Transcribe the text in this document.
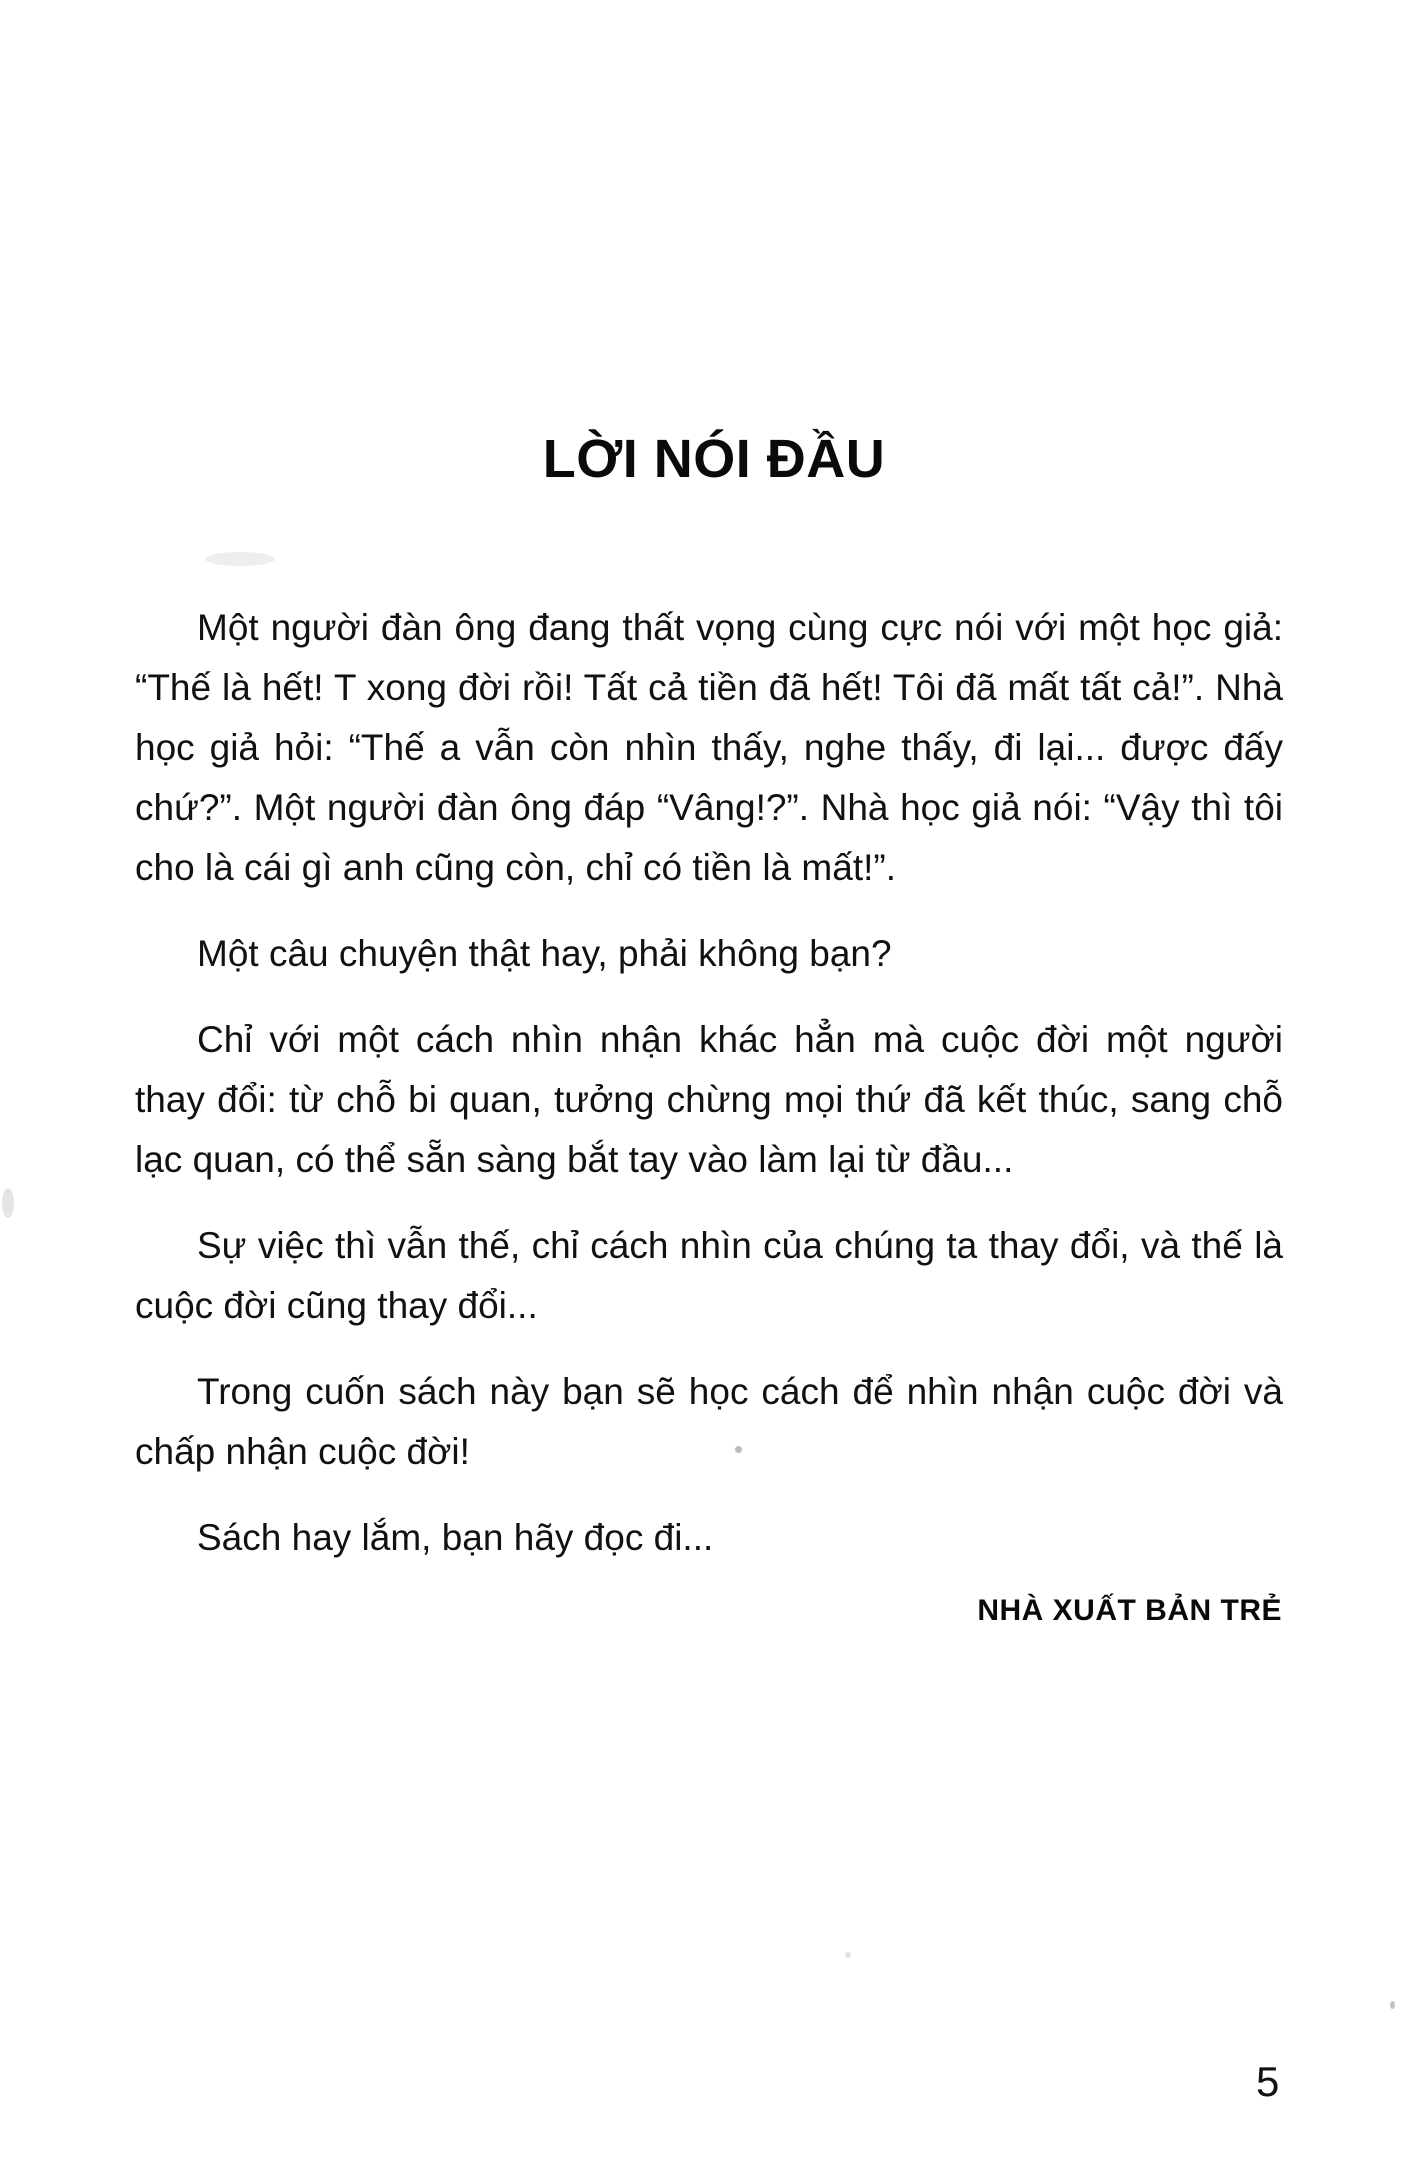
LỜI NÓI ĐẦU

Một người đàn ông đang thất vọng cùng cực nói với một học giả: “Thế là hết! T xong đời rồi! Tất cả tiền đã hết! Tôi đã mất tất cả!”. Nhà học giả hỏi: “Thế a vẫn còn nhìn thấy, nghe thấy, đi lại... được đấy chứ?”. Một người đàn ông đáp “Vâng!?”. Nhà học giả nói: “Vậy thì tôi cho là cái gì anh cũng còn, chỉ có tiền là mất!”.

Một câu chuyện thật hay, phải không bạn?

Chỉ với một cách nhìn nhận khác hẳn mà cuộc đời một người thay đổi: từ chỗ bi quan, tưởng chừng mọi thứ đã kết thúc, sang chỗ lạc quan, có thể sẵn sàng bắt tay vào làm lại từ đầu...

Sự việc thì vẫn thế, chỉ cách nhìn của chúng ta thay đổi, và thế là cuộc đời cũng thay đổi...

Trong cuốn sách này bạn sẽ học cách để nhìn nhận cuộc đời và chấp nhận cuộc đời!

Sách hay lắm, bạn hãy đọc đi...

NHÀ XUẤT BẢN TRẺ
5
